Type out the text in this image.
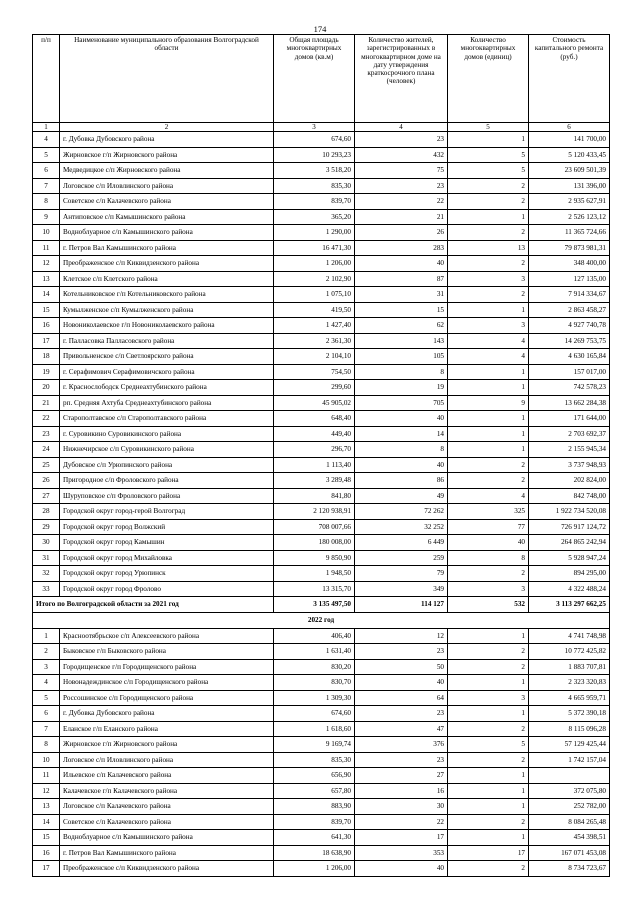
174
п/п	Наименование муниципального образования Волгоградской области	Общая площадь многоквартирных домов (кв.м)	Количество жителей, зарегистрированных в многоквартирном доме на дату утверждения краткосрочного плана (человек)	Количество многоквартирных домов (единиц)	Стоимость капитального ремонта (руб.)
1	2	3	4	5	6
4	г. Дубовка Дубовского района	674,60	23	1	141 700,00
5	Жирновское г/п Жирновского района	10 293,23	432	5	5 120 433,45
6	Медведицкое с/п Жирновского района	3 518,20	75	5	23 609 501,39
7	Логовское с/п Иловлинского района	835,30	23	2	131 396,00
8	Советское с/п Калачевского района	839,70	22	2	2 935 627,91
9	Антиповское с/п Камышинского района	365,20	21	1	2 526 123,12
10	Водноблуарное с/п Камышинского района	1 290,00	26	2	11 365 724,66
11	г. Петров Вал Камышинского района	16 471,30	283	13	79 873 981,31
12	Преображенское с/п Киквидзенского района	1 206,00	40	2	348 400,00
13	Клетское с/п Клетского района	2 102,90	87	3	127 135,00
14	Котельниковское г/п Котельниковского района	1 075,10	31	2	7 914 334,67
15	Кумылженское с/п Кумылженского района	419,50	15	1	2 863 458,27
16	Новониколаевское г/п Новониколаевского района	1 427,40	62	3	4 927 740,78
17	г. Палласовка Палласовского района	2 361,30	143	4	14 269 753,75
18	Привольненское с/п Светлоярского района	2 104,10	105	4	4 630 165,84
19	г. Серафимович Серафимовичского района	754,50	8	1	157 017,00
20	г. Краснослободск Среднеахтубинского района	299,60	19	1	742 578,23
21	рп. Средняя Ахтуба Среднеахтубинского района	45 905,02	705	9	13 662 284,38
22	Старополтавское с/п Старополтавского района	648,40	40	1	171 644,00
23	г. Суровикино Суровикинского района	449,40	14	1	2 703 692,37
24	Нижнечирское с/п Суровикинского района	296,70	8	1	2 155 945,34
25	Дубовское с/п Урюпинского района	1 113,40	40	2	3 737 948,93
26	Пригородное с/п Фроловского района	3 289,48	86	2	202 824,00
27	Шуруповское с/п Фроловского района	841,80	49	4	842 748,00
28	Городской округ город-герой Волгоград	2 120 938,91	72 262	325	1 922 734 520,08
29	Городской округ город Волжский	708 007,66	32 252	77	726 917 124,72
30	Городской округ город Камышин	180 008,00	6 449	40	264 865 242,94
31	Городской округ город Михайловка	9 850,90	259	8	5 928 947,24
32	Городской округ город Урюпинск	1 948,50	79	2	894 295,00
33	Городской округ город Фролово	13 315,70	349	3	4 322 488,24
Итого по Волгоградской области за 2021 год		3 135 497,50	114 127	532	3 113 297 662,25
2022 год					
1	Красноотябрьское с/п Алексеевского района	406,40	12	1	4 741 748,98
2	Быковское г/п Быковского района	1 631,40	23	2	10 772 425,82
3	Городищенское г/п Городищенского района	830,20	50	2	1 883 707,81
4	Новонадеждинское с/п Городищенского района	830,70	40	1	2 323 320,83
5	Россошинское с/п Городищенского района	1 309,30	64	3	4 665 959,71
6	г. Дубовка Дубовского района	674,60	23	1	5 372 390,18
7	Еланское г/п Еланского района	1 618,60	47	2	8 115 096,28
8	Жирновское г/п Жирновского района	9 169,74	376	5	57 129 425,44
10	Логовское с/п Иловлинского района	835,30	23	2	1 742 157,04
11	Ильевское с/п Калачевского района	656,90	27	1	
12	Калачевское г/п Калачевского района	657,80	16	1	372 075,80
13	Логовское с/п Калачевского района	883,90	30	1	252 782,00
14	Советское с/п Калачевского района	839,70	22	2	8 084 265,48
15	Водноблуарное с/п Камышинского района	641,30	17	1	454 398,51
16	г. Петров Вал Камышинского района	18 638,90	353	17	167 071 453,08
17	Преображенское с/п Киквидзенского района	1 206,00	40	2	8 734 723,67
